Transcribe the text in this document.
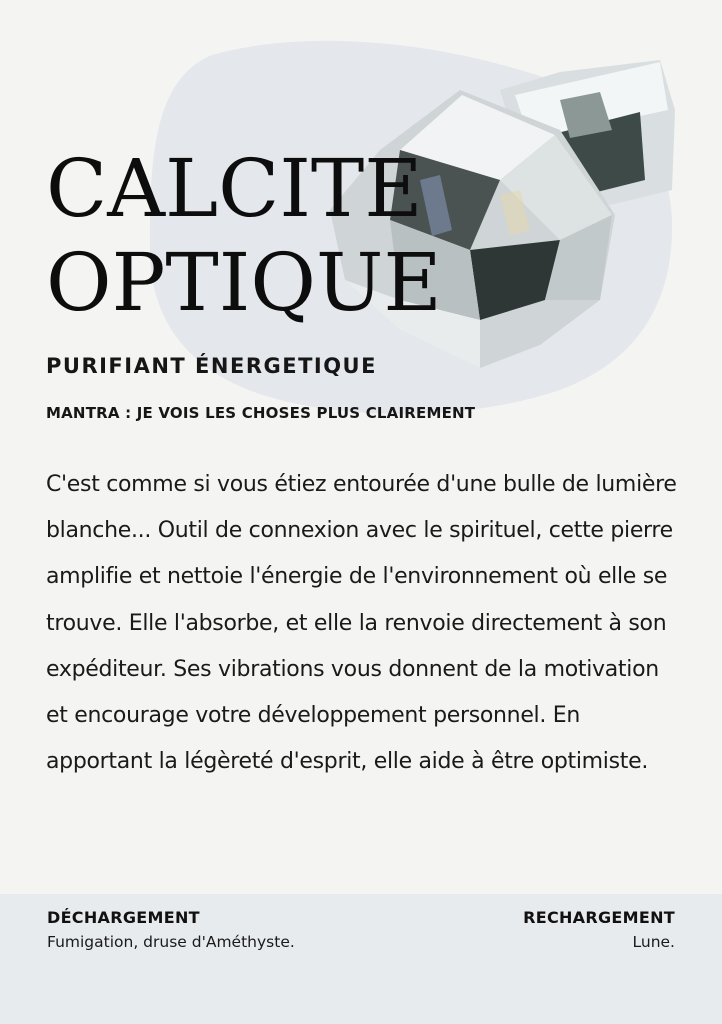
CALCITE
OPTIQUE

PURIFIANT ÉNERGETIQUE

MANTRA : JE VOIS LES CHOSES PLUS CLAIREMENT

C'est comme si vous étiez entourée d'une bulle de lumière blanche... Outil de connexion avec le spirituel, cette pierre amplifie et nettoie l'énergie de l'environnement où elle se trouve. Elle l'absorbe, et elle la renvoie directement à son expéditeur. Ses vibrations vous donnent de la motivation et encourage votre développement personnel. En apportant la légèreté d'esprit, elle aide à être optimiste.

DÉCHARGEMENT

Fumigation, druse d'Améthyste.

RECHARGEMENT

Lune.
